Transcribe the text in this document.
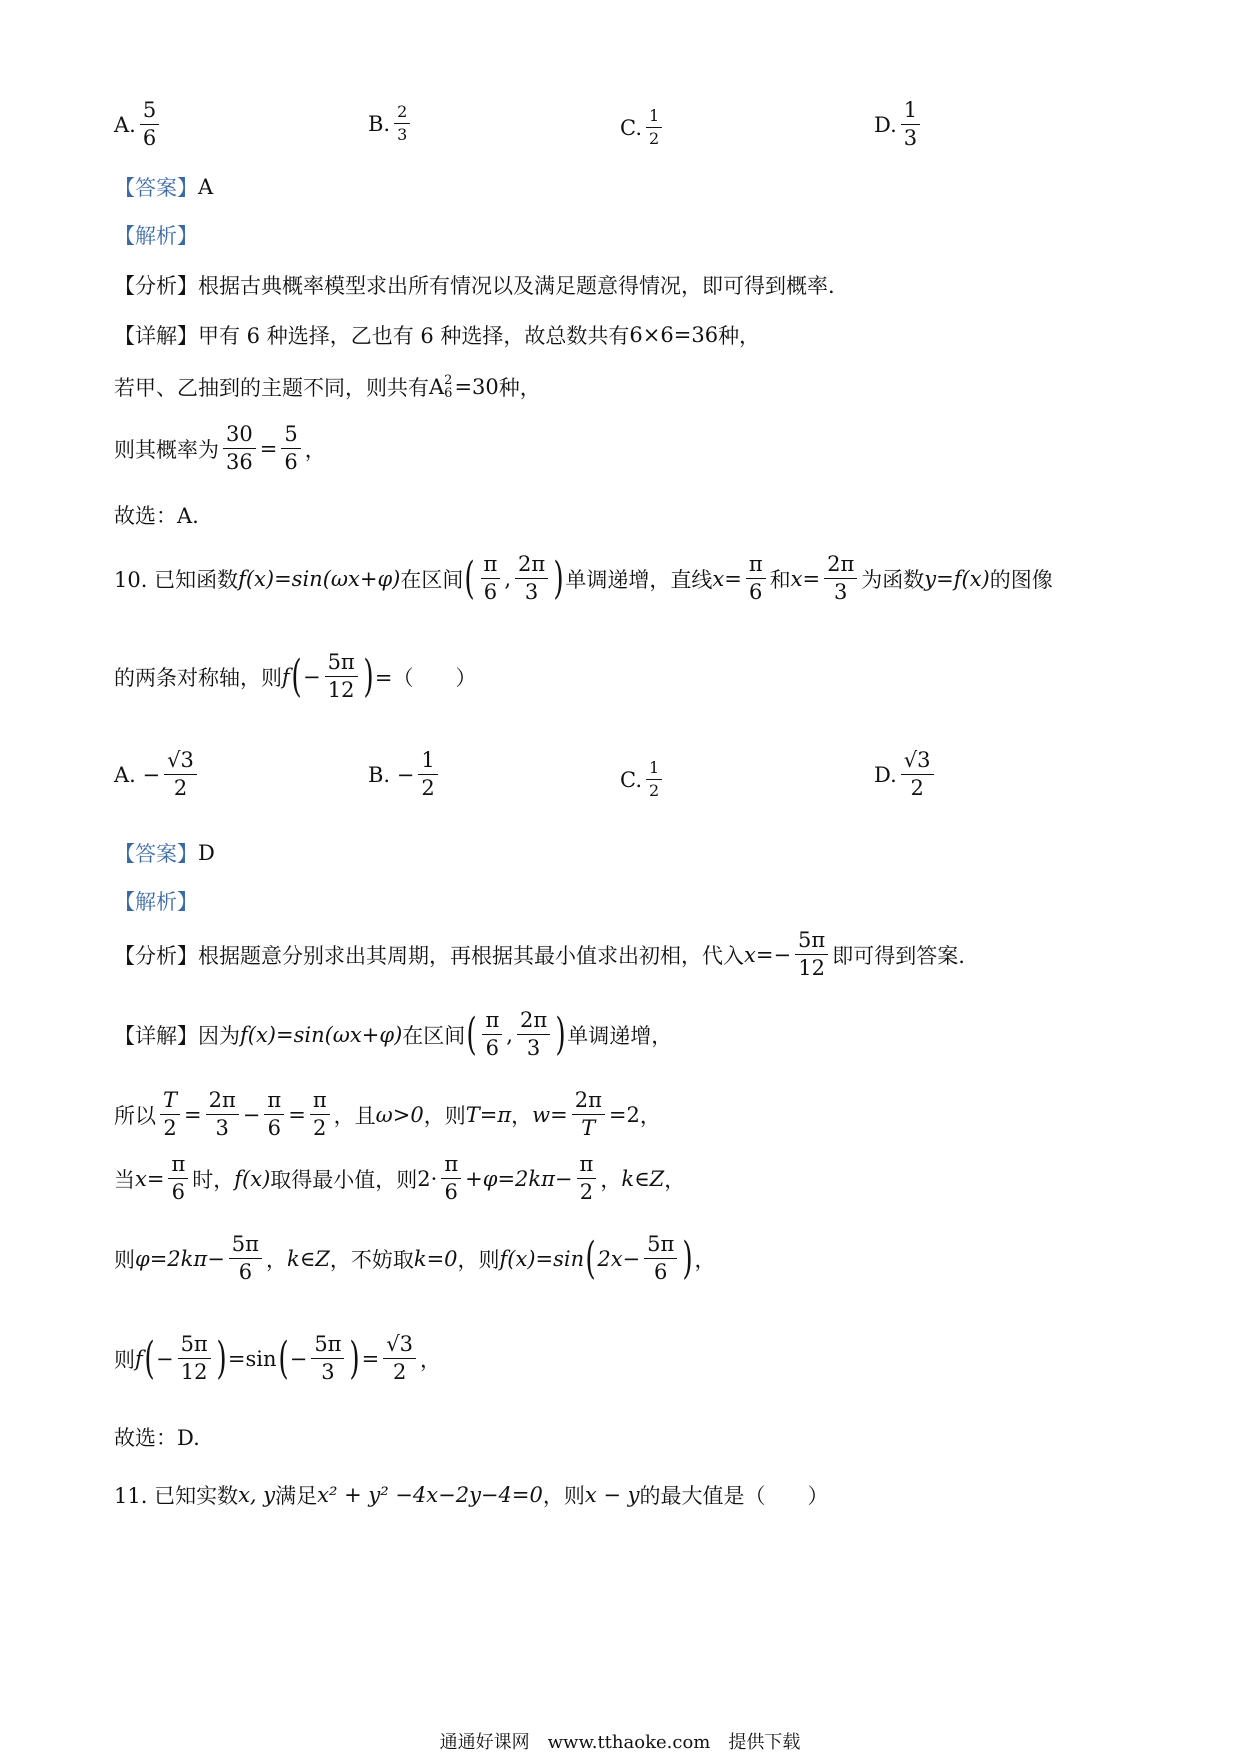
A. $\frac{5}{6}$	B. $\frac{2}{3}$	C. $\frac{1}{2}$	D. $\frac{1}{3}$
【答案】 A
【解析】
【分析】 根据古典概率模型求出所有情况以及满足题意得情况，即可得到概率.
【详解】 甲有 6 种选择，乙也有 6 种选择，故总数共有 6×6=36 种，
若甲、乙抽到的主题不同，则共有 A 2
6 =30 种，
则其概率为 $\frac{30}{36} = \frac{5}{6}$ ，
故选：A.
10. 已知函数 f(x)=sin(ωx+φ) 在区间 ( $\frac{\pi}{6}$ , $\frac{2\pi}{3}$ ) 单调递增，直线 $x= \frac{\pi}{6}$ 和 $x= \frac{2\pi}{3}$ 为函数 y=f(x) 的图像
的两条对称轴，则 f ( − $\frac{5\pi}{12}$ ) =（　　）
A.
− $\frac{√3}{2}$	B.
− $\frac{1}{2}$	C. $\frac{1}{2}$	D. $\frac{√3}{2}$
【答案】 D
【解析】
【分析】 根据题意分别求出其周期，再根据其最小值求出初相，代入 $x=- \frac{5\pi}{12}$ 即可得到答案.
【详解】 因为 f(x)=sin(ωx+φ) 在区间 ( $\frac{\pi}{6}$ , $\frac{2\pi}{3}$ ) 单调递增，
所以 $\frac{T}{2} = \frac{2\pi}{3} - \frac{\pi}{6} = \frac{\pi}{2}$ ，且 ω>0 ，则 T=π ， $w= \frac{2\pi}{T} =2$ ，
当 $x= \frac{\pi}{6}$ 时， f(x) 取得最小值，则 $2\cdot \frac{\pi}{6} +\varphi=2k\pi- \frac{\pi}{2}$ ， k∈Z ，
则 $\varphi=2k\pi- \frac{5\pi}{6}$ ， k∈Z ，不妨取 k=0 ，则 f(x)=sin ( $2x- \frac{5\pi}{6}$ ) ，
则 f ( − $\frac{5\pi}{12}$ ) =sin ( − $\frac{5\pi}{3}$ ) = $\frac{√3}{2}$ ，
故选：D.
11. 已知实数 x, y 满足 x² + y² −4x−2y−4=0 ，则 x − y 的最大值是（　　）
通通好课网　www.tthaoke.com　提供下载
